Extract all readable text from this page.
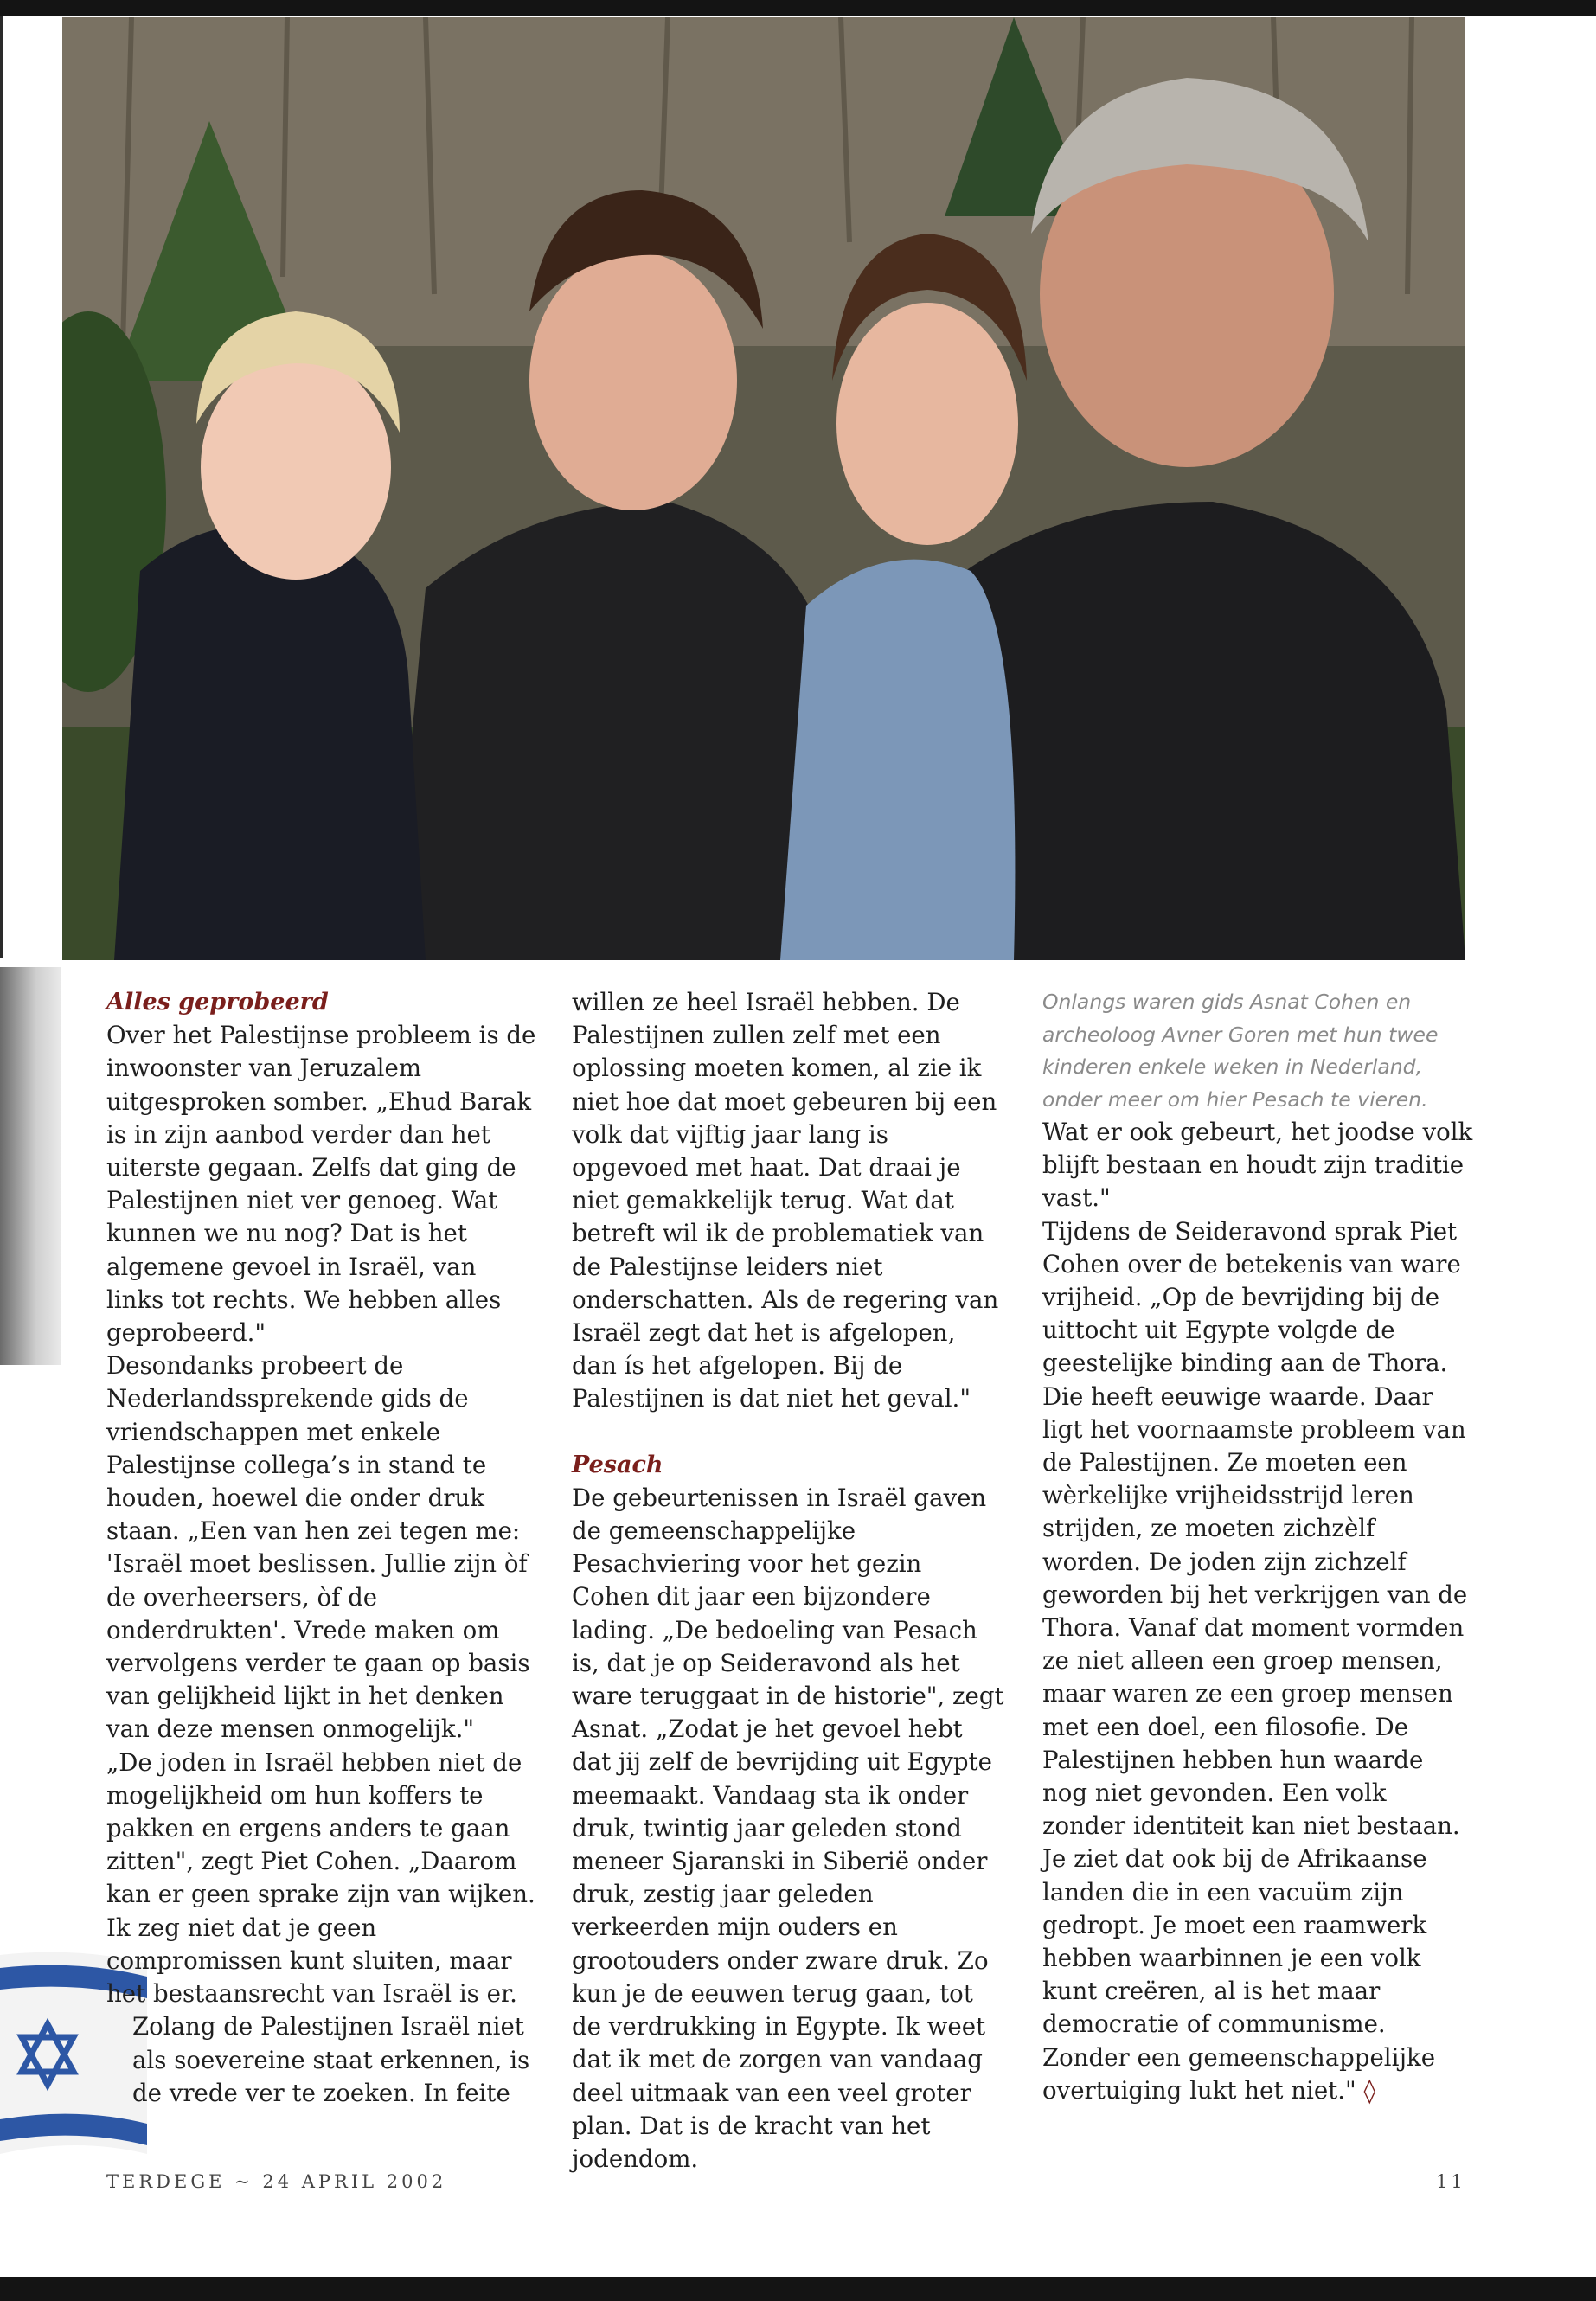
Alles geprobeerd

Over het Palestijnse probleem is de inwoonster van Jeruzalem uitgesproken somber. „Ehud Barak is in zijn aanbod verder dan het uiterste gegaan. Zelfs dat ging de Palestijnen niet ver genoeg. Wat kunnen we nu nog? Dat is het algemene gevoel in Israël, van links tot rechts. We hebben alles geprobeerd."

Desondanks probeert de Nederlandssprekende gids de vriendschappen met enkele Palestijnse collega’s in stand te houden, hoewel die onder druk staan. „Een van hen zei tegen me: 'Israël moet beslissen. Jullie zijn òf de overheersers, òf de onderdrukten'. Vrede maken om vervolgens verder te gaan op basis van gelijkheid lijkt in het denken van deze mensen onmogelijk."

„De joden in Israël hebben niet de mogelijkheid om hun koffers te pakken en ergens anders te gaan zitten", zegt Piet Cohen. „Daarom kan er geen sprake zijn van wijken. Ik zeg niet dat je geen compromissen kunt sluiten, maar het bestaansrecht van Israël is er.

Zolang de Palestijnen Israël niet als soevereine staat erkennen, is de vrede ver te zoeken. In feite

willen ze heel Israël hebben. De Palestijnen zullen zelf met een oplossing moeten komen, al zie ik niet hoe dat moet gebeuren bij een volk dat vijftig jaar lang is opgevoed met haat. Dat draai je niet gemakkelijk terug. Wat dat betreft wil ik de problematiek van de Palestijnse leiders niet onderschatten. Als de regering van Israël zegt dat het is afgelopen, dan ís het afgelopen. Bij de Palestijnen is dat niet het geval."

Pesach

De gebeurtenissen in Israël gaven de gemeenschappelijke Pesachviering voor het gezin Cohen dit jaar een bijzondere lading. „De bedoeling van Pesach is, dat je op Seideravond als het ware teruggaat in de historie", zegt Asnat. „Zodat je het gevoel hebt dat jij zelf de bevrijding uit Egypte meemaakt. Vandaag sta ik onder druk, twintig jaar geleden stond meneer Sjaranski in Siberië onder druk, zestig jaar geleden verkeerden mijn ouders en grootouders onder zware druk. Zo kun je de eeuwen terug gaan, tot de verdrukking in Egypte. Ik weet dat ik met de zorgen van vandaag deel uitmaak van een veel groter plan. Dat is de kracht van het jodendom.

Onlangs waren gids Asnat Cohen en archeoloog Avner Goren met hun twee kinderen enkele weken in Nederland, onder meer om hier Pesach te vieren.

Wat er ook gebeurt, het joodse volk blijft bestaan en houdt zijn traditie vast."

Tijdens de Seideravond sprak Piet Cohen over de betekenis van ware vrijheid. „Op de bevrijding bij de uittocht uit Egypte volgde de geestelijke binding aan de Thora. Die heeft eeuwige waarde. Daar ligt het voornaamste probleem van de Palestijnen. Ze moeten een wèrkelijke vrijheidsstrijd leren strijden, ze moeten zichzèlf worden. De joden zijn zichzelf geworden bij het verkrijgen van de Thora. Vanaf dat moment vormden ze niet alleen een groep mensen, maar waren ze een groep mensen met een doel, een filosofie. De Palestijnen hebben hun waarde nog niet gevonden. Een volk zonder identiteit kan niet bestaan. Je ziet dat ook bij de Afrikaanse landen die in een vacuüm zijn gedropt. Je moet een raamwerk hebben waarbinnen je een volk kunt creëren, al is het maar democratie of communisme. Zonder een gemeenschappelijke overtuiging lukt het niet." ◊

TERDEGE ~ 24 APRIL 2002	11
